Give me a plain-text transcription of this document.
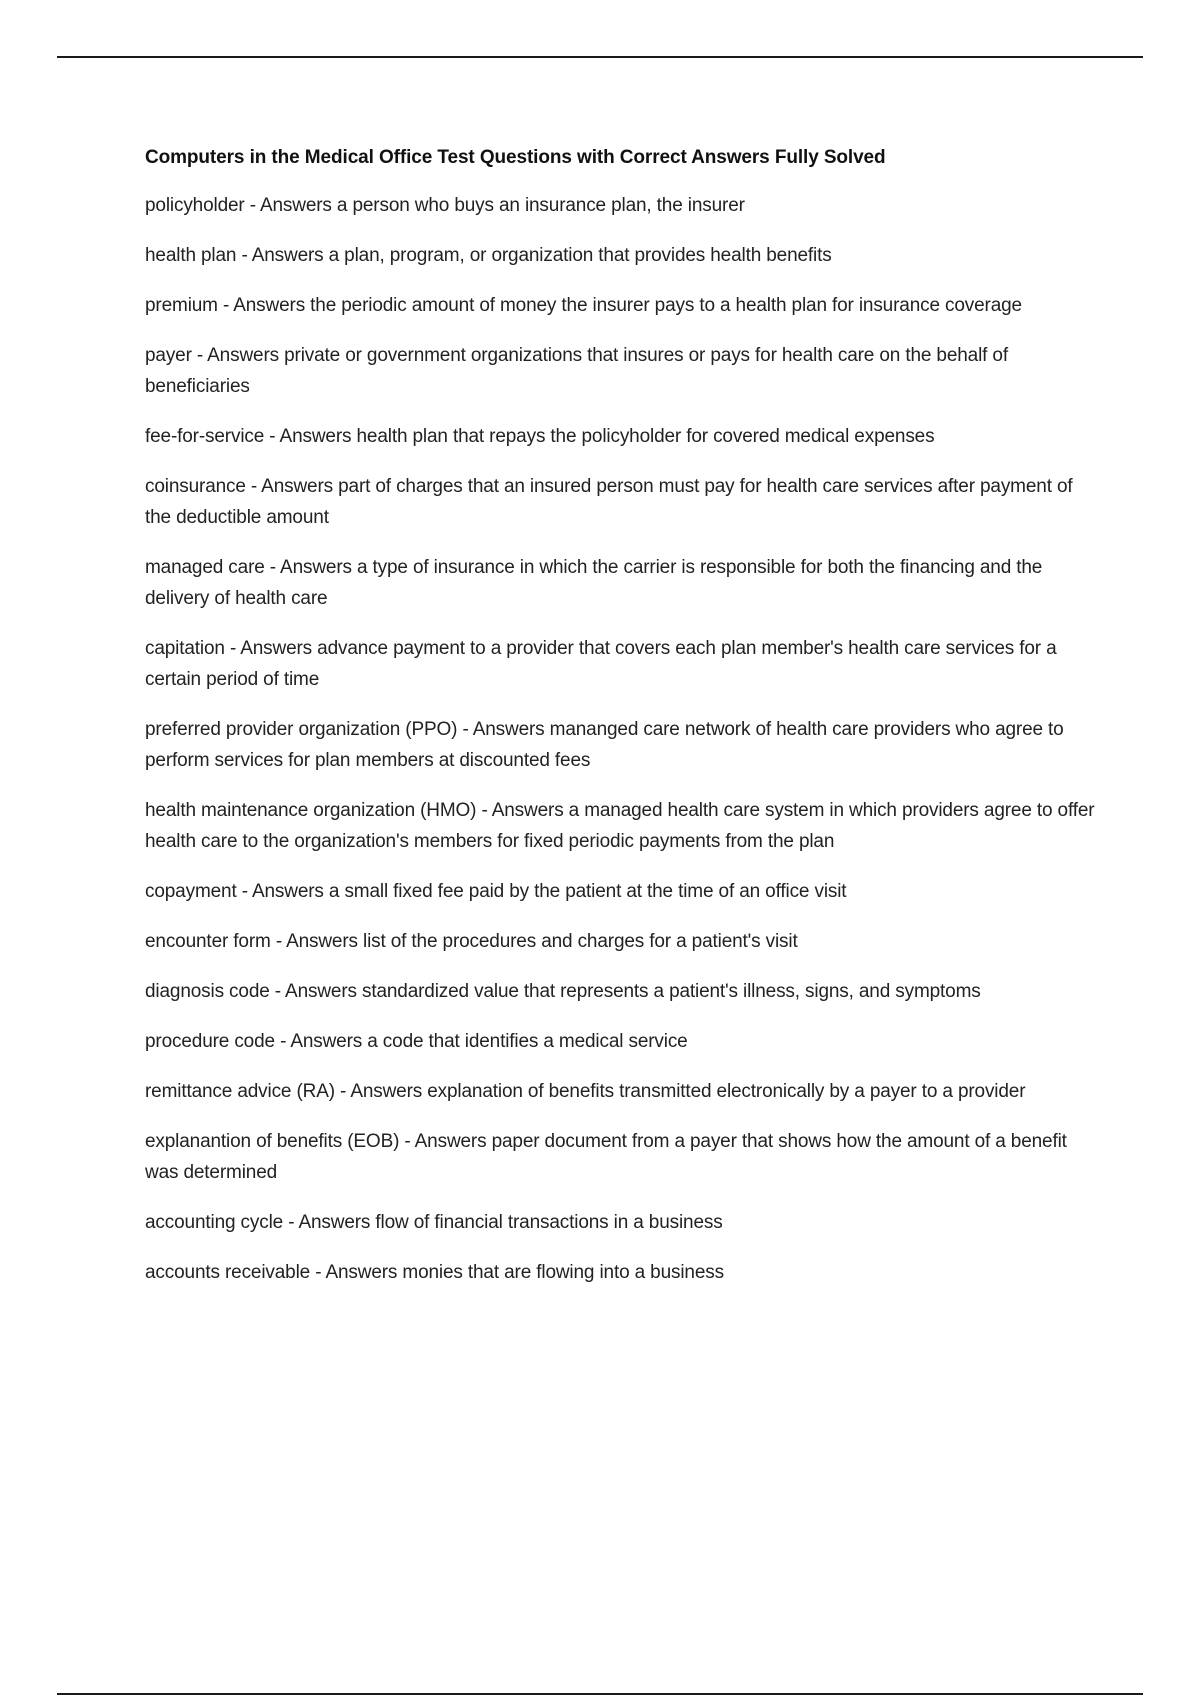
Computers in the Medical Office Test Questions with Correct Answers Fully Solved

policyholder - Answers a person who buys an insurance plan, the insurer

health plan - Answers a plan, program, or organization that provides health benefits

premium - Answers the periodic amount of money the insurer pays to a health plan for insurance coverage

payer - Answers private or government organizations that insures or pays for health care on the behalf of beneficiaries

fee-for-service - Answers health plan that repays the policyholder for covered medical expenses

coinsurance - Answers part of charges that an insured person must pay for health care services after payment of the deductible amount

managed care - Answers a type of insurance in which the carrier is responsible for both the financing and the delivery of health care

capitation - Answers advance payment to a provider that covers each plan member's health care services for a certain period of time

preferred provider organization (PPO) - Answers mananged care network of health care providers who agree to perform services for plan members at discounted fees

health maintenance organization (HMO) - Answers a managed health care system in which providers agree to offer health care to the organization's members for fixed periodic payments from the plan

copayment - Answers a small fixed fee paid by the patient at the time of an office visit

encounter form - Answers list of the procedures and charges for a patient's visit

diagnosis code - Answers standardized value that represents a patient's illness, signs, and symptoms

procedure code - Answers a code that identifies a medical service

remittance advice (RA) - Answers explanation of benefits transmitted electronically by a payer to a provider

explanantion of benefits (EOB) - Answers paper document from a payer that shows how the amount of a benefit was determined

accounting cycle - Answers flow of financial transactions in a business

accounts receivable - Answers monies that are flowing into a business
